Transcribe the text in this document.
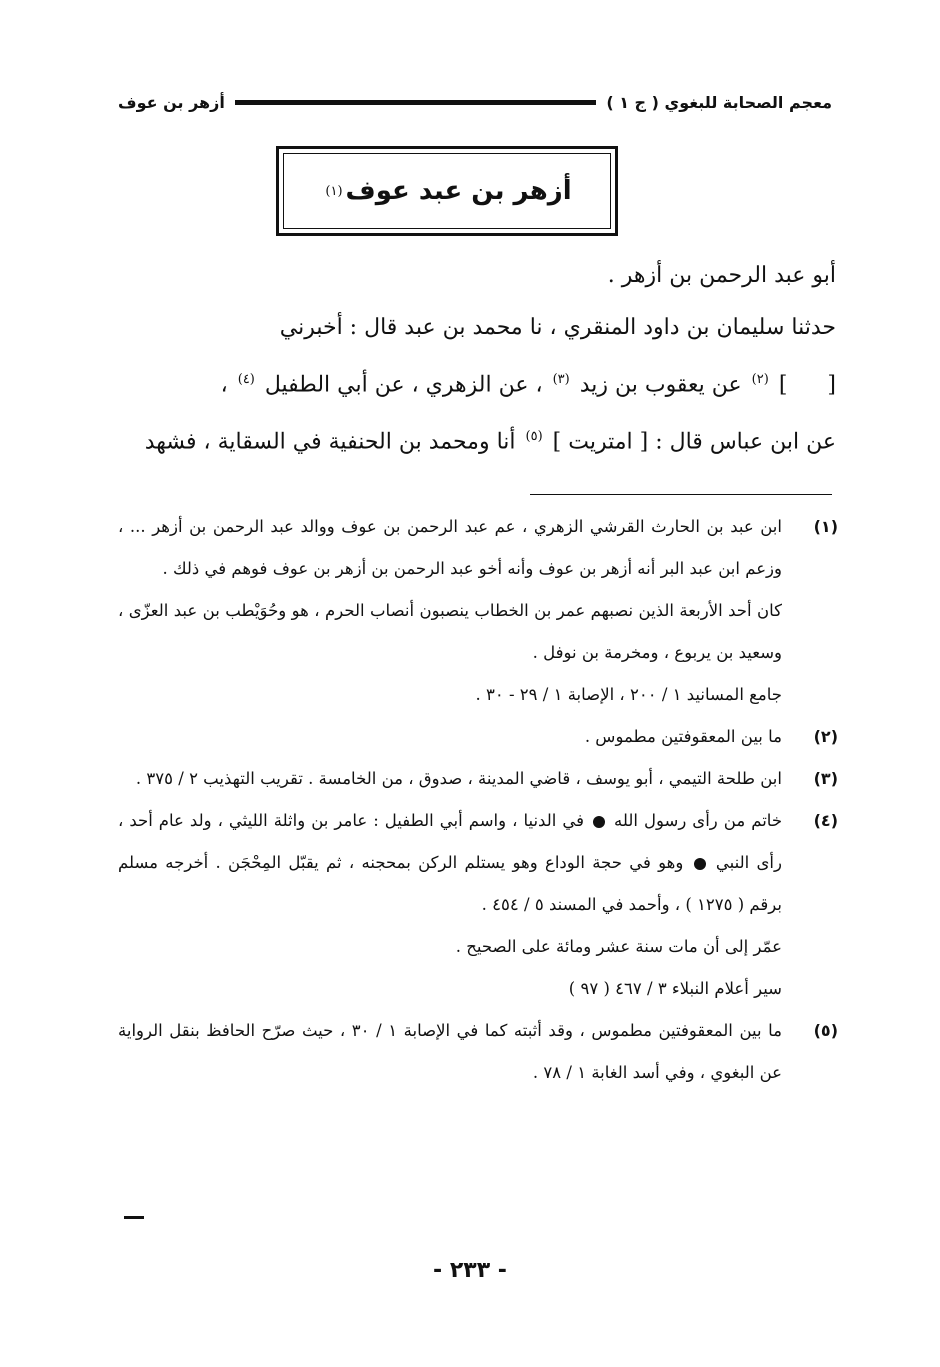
معجم الصحابة للبغوي ( ج ١ )
أزهر بن عوف
أزهر بن عبد عوف
(١)

أبو عبد الرحمن بن أزهر .

حدثنا سليمان بن داود المنقري ، نا محمد بن عبد قال : أخبرني

[] $^{(٢)}$ عن يعقوب بن زيد $^{(٣)}$ ، عن الزهري ، عن أبي الطفيل $^{(٤)}$ ،

عن ابن عباس قال : [ امتريت ] $^{(٥)}$ أنا ومحمد بن الحنفية في السقاية ، فشهد

(١)

ابن عبد بن الحارث القرشي الزهري ، عم عبد الرحمن بن عوف ووالد عبد الرحمن بن أزهر ... ، وزعم ابن عبد البر أنه أزهر بن عوف وأنه أخو عبد الرحمن بن أزهر بن عوف فوهم في ذلك .

كان أحد الأربعة الذين نصبهم عمر بن الخطاب ينصبون أنصاب الحرم ، هو وحُوَيْطب بن عبد العزّى ، وسعيد بن يربوع ، ومخرمة بن نوفل .

جامع المسانيد ١ / ٢٠٠ ، الإصابة ١ / ٢٩ - ٣٠ .

(٢)

ما بين المعقوفتين مطموس .

(٣)

ابن طلحة التيمي ، أبو يوسف ، قاضي المدينة ، صدوق ، من الخامسة . تقريب التهذيب ٢ / ٣٧٥ .

(٤)

خاتم من رأى رسول الله  في الدنيا ، واسم أبي الطفيل : عامر بن واثلة الليثي ، ولد عام أحد ، رأى النبي  وهو في حجة الوداع وهو يستلم الركن بمحجنه ، ثم يقبّل المِحْجَن . أخرجه مسلم برقم ( ١٢٧٥ ) ، وأحمد في المسند ٥ / ٤٥٤ .

عمّر إلى أن مات سنة عشر ومائة على الصحيح .

سير أعلام النبلاء ٣ / ٤٦٧ ( ٩٧ )

(٥)

ما بين المعقوفتين مطموس ، وقد أثبته كما في الإصابة ١ / ٣٠ ، حيث صرّح الحافظ بنقل الرواية عن البغوي ، وفي أسد الغابة ١ / ٧٨ .

- ٢٣٣ -
